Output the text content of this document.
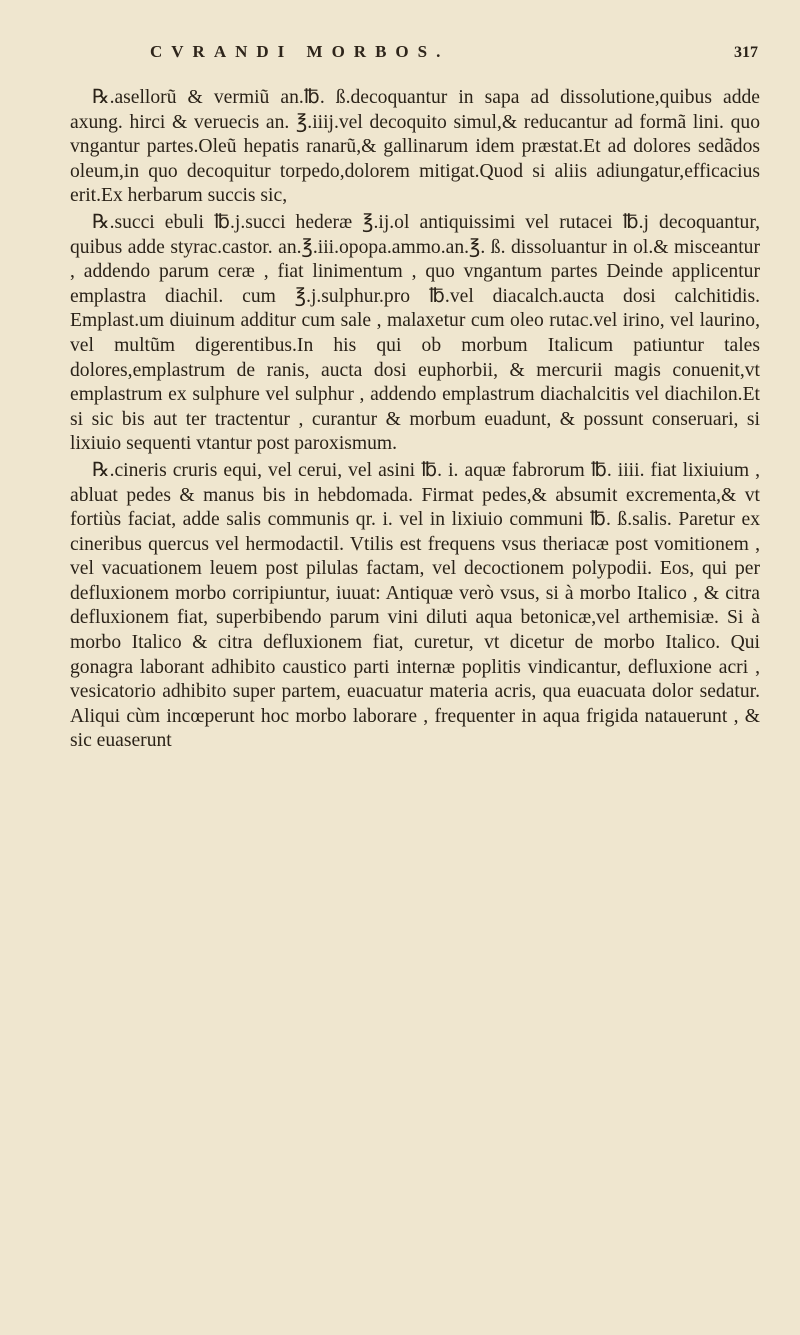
CVRANDI MORBOS.	317

℞.asellorũ & vermiũ an.℔. ß.decoquantur in sapa ad dissolutione,quibus adde axung. hirci & veruecis an. ℥.iiij.vel decoquito simul,& reducantur ad formã lini. quo vngantur partes.Oleũ hepatis ranarũ,& gallinarum idem præstat.Et ad dolores sedãdos oleum,in quo decoquitur torpedo,dolorem mitigat.Quod si aliis adiungatur,efficacius erit.Ex herbarum succis sic,

℞.succi ebuli ℔.j.succi hederæ ℥.ij.ol antiquissimi vel rutacei ℔.j decoquantur, quibus adde styrac.castor. an.℥.iii.opopa.ammo.an.℥. ß. dissoluantur in ol.& misceantur , addendo parum ceræ , fiat linimentum , quo vngantum partes Deinde applicentur emplastra diachil. cum ℥.j.sulphur.pro ℔.vel diacalch.aucta dosi calchitidis. Emplast.um diuinum additur cum sale , malaxetur cum oleo rutac.vel irino, vel laurino, vel multũm digerentibus.In his qui ob morbum Italicum patiuntur tales dolores,emplastrum de ranis, aucta dosi euphorbii, & mercurii magis conuenit,vt emplastrum ex sulphure vel sulphur , addendo emplastrum diachalcitis vel diachilon.Et si sic bis aut ter tractentur , curantur & morbum euadunt, & possunt conseruari, si lixiuio sequenti vtantur post paroxismum.

℞.cineris cruris equi, vel cerui, vel asini ℔. i. aquæ fabrorum ℔. iiii. fiat lixiuium , abluat pedes & manus bis in hebdomada. Firmat pedes,& absumit excrementa,& vt fortiùs faciat, adde salis communis qr. i. vel in lixiuio communi ℔. ß.salis. Paretur ex cineribus quercus vel hermodactil. Vtilis est frequens vsus theriacæ post vomitionem , vel vacuationem leuem post pilulas factam, vel decoctionem polypodii. Eos, qui per defluxionem morbo corripiuntur, iuuat: Antiquæ verò vsus, si à morbo Italico , & citra defluxionem fiat, superbibendo parum vini diluti aqua betonicæ,vel arthemisiæ. Si à morbo Italico & citra defluxionem fiat, curetur, vt dicetur de morbo Italico. Qui gonagra laborant adhibito caustico parti internæ poplitis vindicantur, defluxione acri , vesicatorio adhibito super partem, euacuatur materia acris, qua euacuata dolor sedatur. Aliqui cùm incœperunt hoc morbo laborare , frequenter in aqua frigida natauerunt , & sic euaserunt
